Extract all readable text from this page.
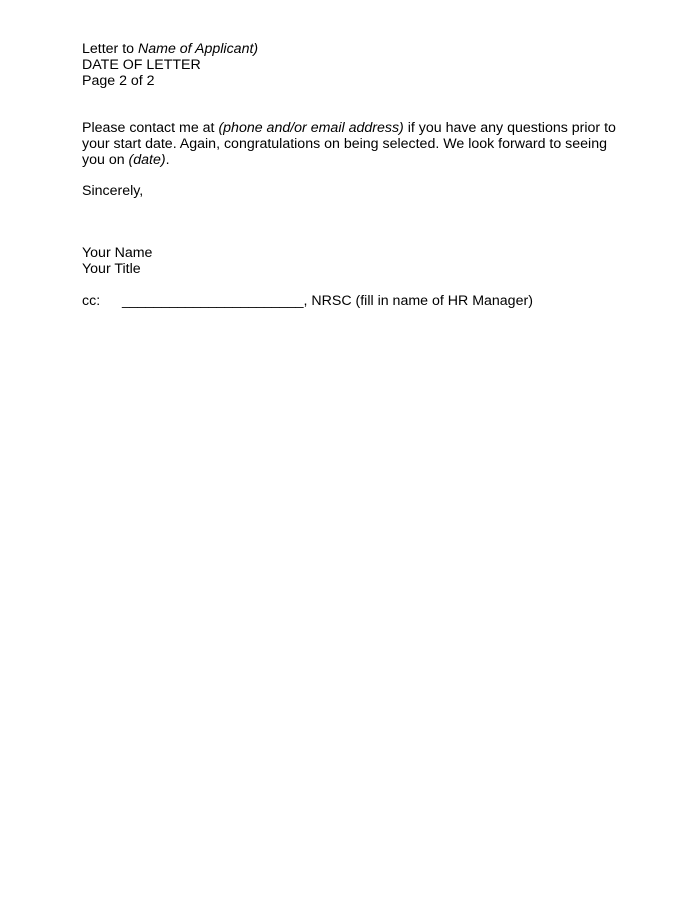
Letter to Name of Applicant)
DATE OF LETTER
Page 2 of 2
Please contact me at (phone and/or email address) if you have any questions prior to
your start date. Again, congratulations on being selected. We look forward to seeing
you on (date).
Sincerely,
Your Name
Your Title
cc: _______________________, NRSC (fill in name of HR Manager)
